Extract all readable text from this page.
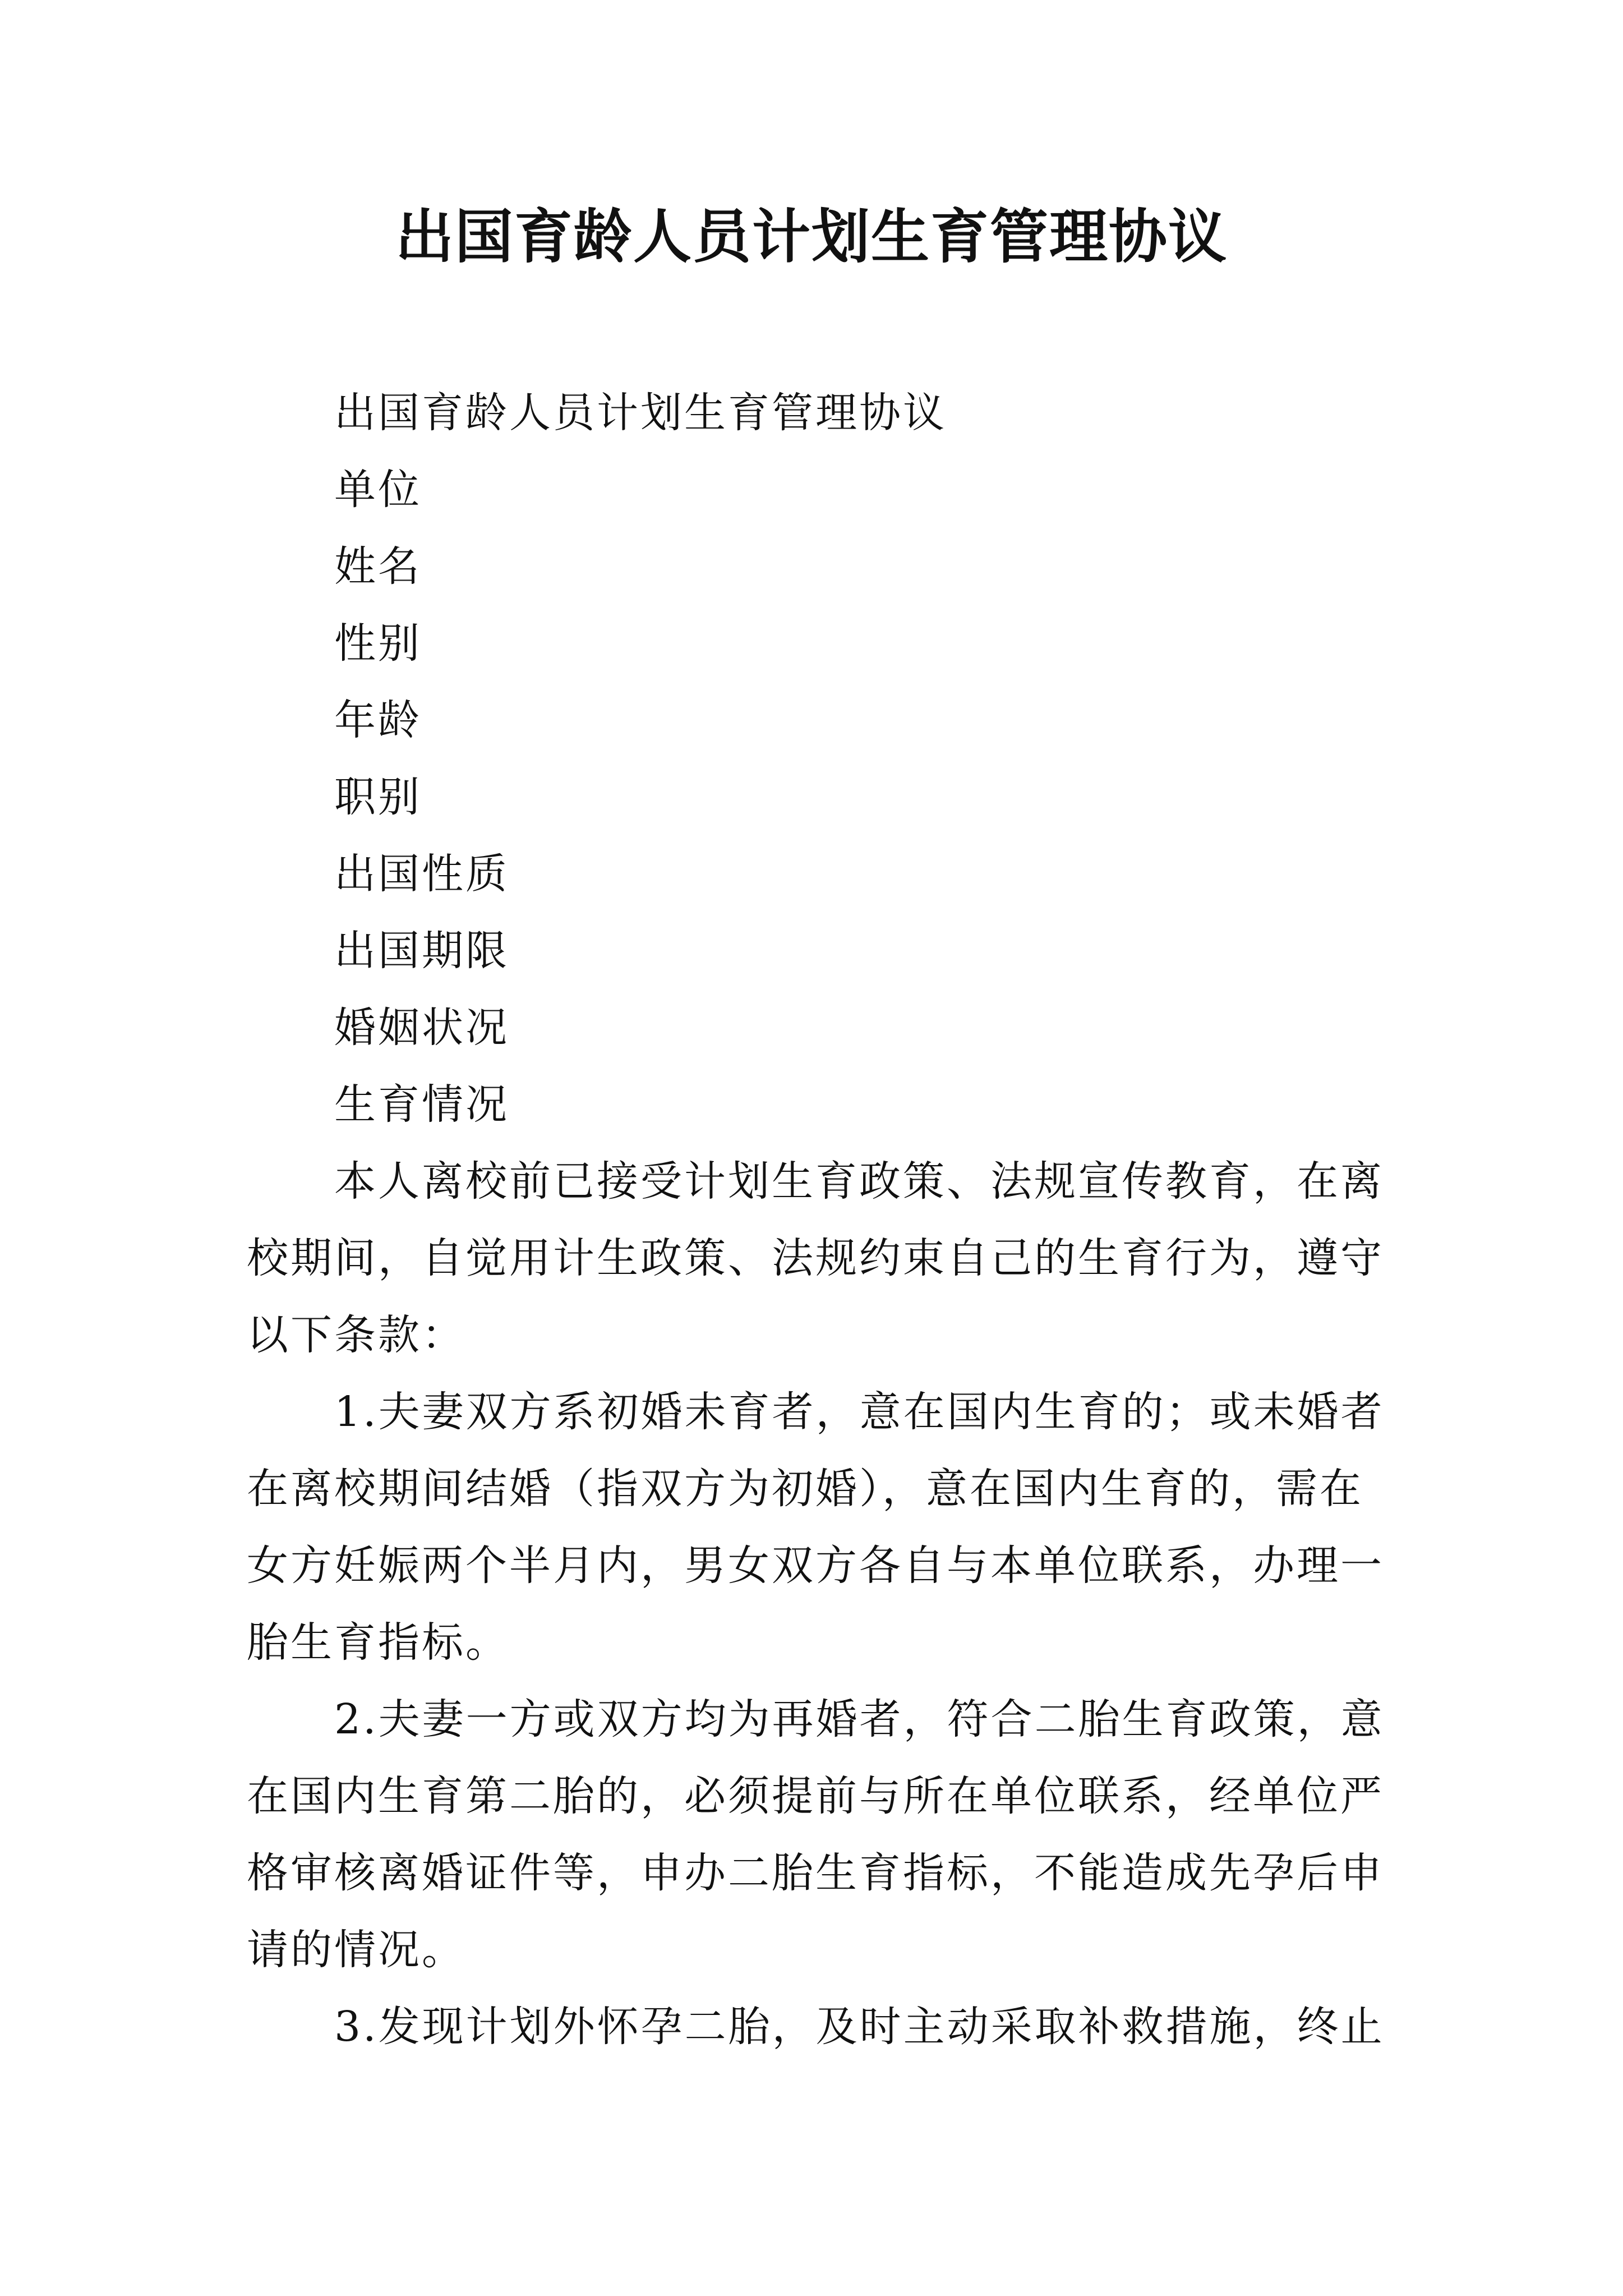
出国育龄人员计划生育管理协议

出国育龄人员计划生育管理协议

单位

姓名

性别

年龄

职别

出国性质

出国期限

婚姻状况

生育情况

本人离校前已接受计划生育政策、法规宣传教育，在离

校期间，自觉用计生政策、法规约束自己的生育行为，遵守

以下条款：

1.夫妻双方系初婚未育者，意在国内生育的；或未婚者

在离校期间结婚（指双方为初婚），意在国内生育的，需在

女方妊娠两个半月内，男女双方各自与本单位联系，办理一

胎生育指标。

2.夫妻一方或双方均为再婚者，符合二胎生育政策，意

在国内生育第二胎的，必须提前与所在单位联系，经单位严

格审核离婚证件等，申办二胎生育指标，不能造成先孕后申

请的情况。

3.发现计划外怀孕二胎，及时主动采取补救措施，终止
